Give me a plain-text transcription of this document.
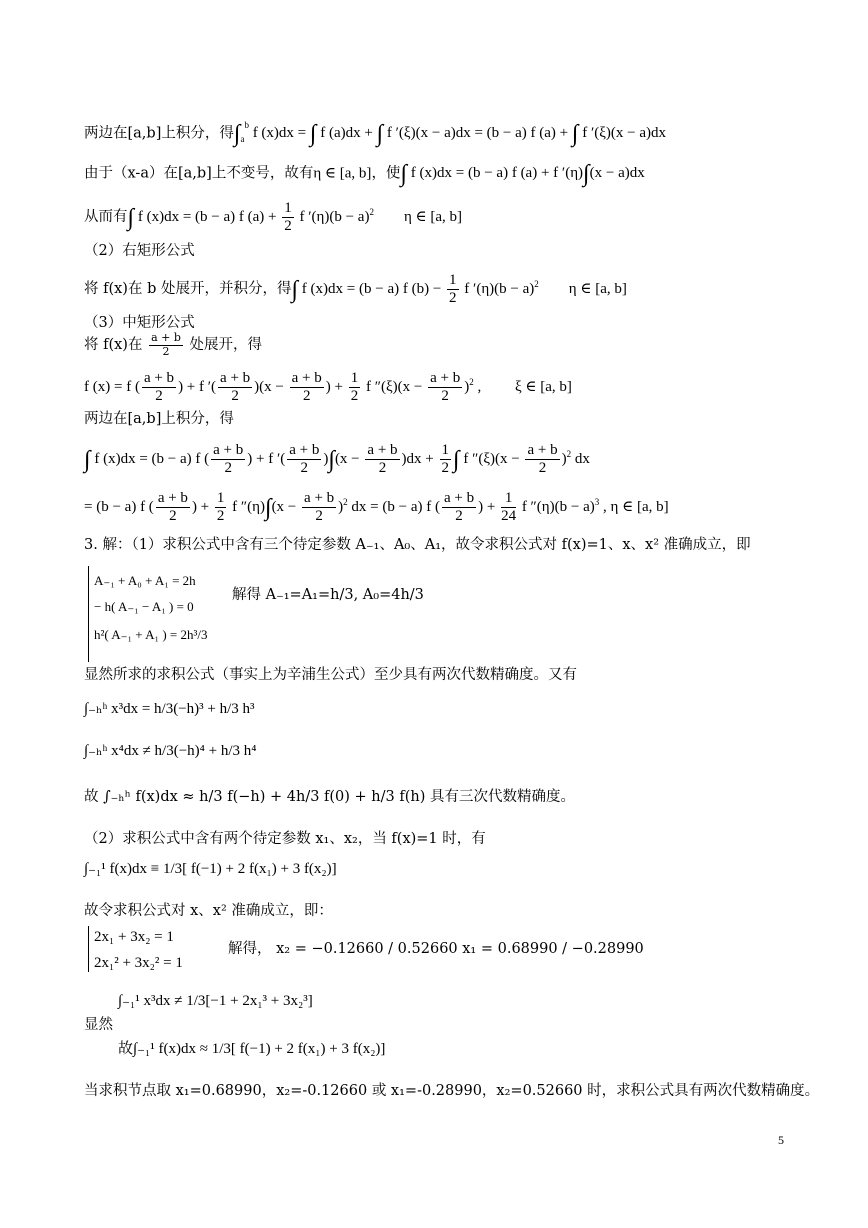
两边在[a,b]上积分，得$\int_a^b$ f (x)dx = ∫ f (a)dx + ∫ f ′(ξ)(x − a)dx = (b − a) f (a) + ∫ f ′(ξ)(x − a)dx
由于（x-a）在[a,b]上不变号，故有η ∈ [a, b]，使∫ f (x)dx = (b − a) f (a) + f ′(η)∫(x − a)dx
从而有∫ f (x)dx = (b − a) f $(a) + \frac{1}{2}$ f $'(\eta)(b - a)^2$        η ∈ [a, b]
（2）右矩形公式
将 f(x)在 b 处展开，并积分，得∫ f (x)dx = (b − a) f $(b) - \frac{1}{2}$ f $'(\eta)(b - a)^2$        η ∈ [a, b]
（3）中矩形公式
将 f(x)在 $\frac{a + b}{2}$ 处展开，得
f (x) = f ( $\frac{a + b}{2}$ ) + f ′( $\frac{a + b}{2} )(x - \frac{a + b}{2}$ ) + $\frac{1}{2}$ f $''(\xi)(x - \frac{a + b}{2} )^2$ ,         ξ ∈ [a, b]
两边在[a,b]上积分，得
∫ f (x)dx = (b − a) f ( $\frac{a + b}{2}$ ) + f ′( $\frac{a + b}{2} )\int(x - \frac{a + b}{2} )dx + \frac{1}{2}$ ∫ f $''(\xi)(x - \frac{a + b}{2} )^2$ dx
= (b − a) f ( $\frac{a + b}{2}$ ) + $\frac{1}{2}$ f $''(\eta)\int(x - \frac{a + b}{2} )^2$ dx = (b − a) f ( $\frac{a + b}{2}$ ) + $\frac{1}{24}$ f $''(\eta)(b - a)^3$ , η ∈ [a, b]
3. 解：（1）求积公式中含有三个待定参数 A₋₁、A₀、A₁，故令求积公式对 f(x)=1、x、x² 准确成立，即
A₋₁ + A₀ + A₁ = 2h
− h( A₋₁ − A₁ ) = 0
h²( A₋₁ + A₁ ) = 2h³/3
解得 A₋₁=A₁=h/3, A₀=4h/3
显然所求的求积公式（事实上为辛浦生公式）至少具有两次代数精确度。又有
∫₋ₕʰ x³dx = h/3(−h)³ + h/3 h³
∫₋ₕʰ x⁴dx ≠ h/3(−h)⁴ + h/3 h⁴
故 ∫₋ₕʰ f(x)dx ≈ h/3 f(−h) + 4h/3 f(0) + h/3 f(h) 具有三次代数精确度。
（2）求积公式中含有两个待定参数 x₁、x₂，当 f(x)=1 时，有
∫₋₁¹ f(x)dx ≡ 1/3[ f(−1) + 2 f(x₁) + 3 f(x₂)]
故令求积公式对 x、x² 准确成立，即：
2x₁ + 3x₂ = 1
2x₁² + 3x₂² = 1
解得， x₂ = −0.12660 / 0.52660 x₁ = 0.68990 / −0.28990
∫₋₁¹ x³dx ≠ 1/3[−1 + 2x₁³ + 3x₂³]
显然
故∫₋₁¹ f(x)dx ≈ 1/3[ f(−1) + 2 f(x₁) + 3 f(x₂)]
当求积节点取 x₁=0.68990，x₂=-0.12660 或 x₁=-0.28990，x₂=0.52660 时，求积公式具有两次代数精确度。
5
